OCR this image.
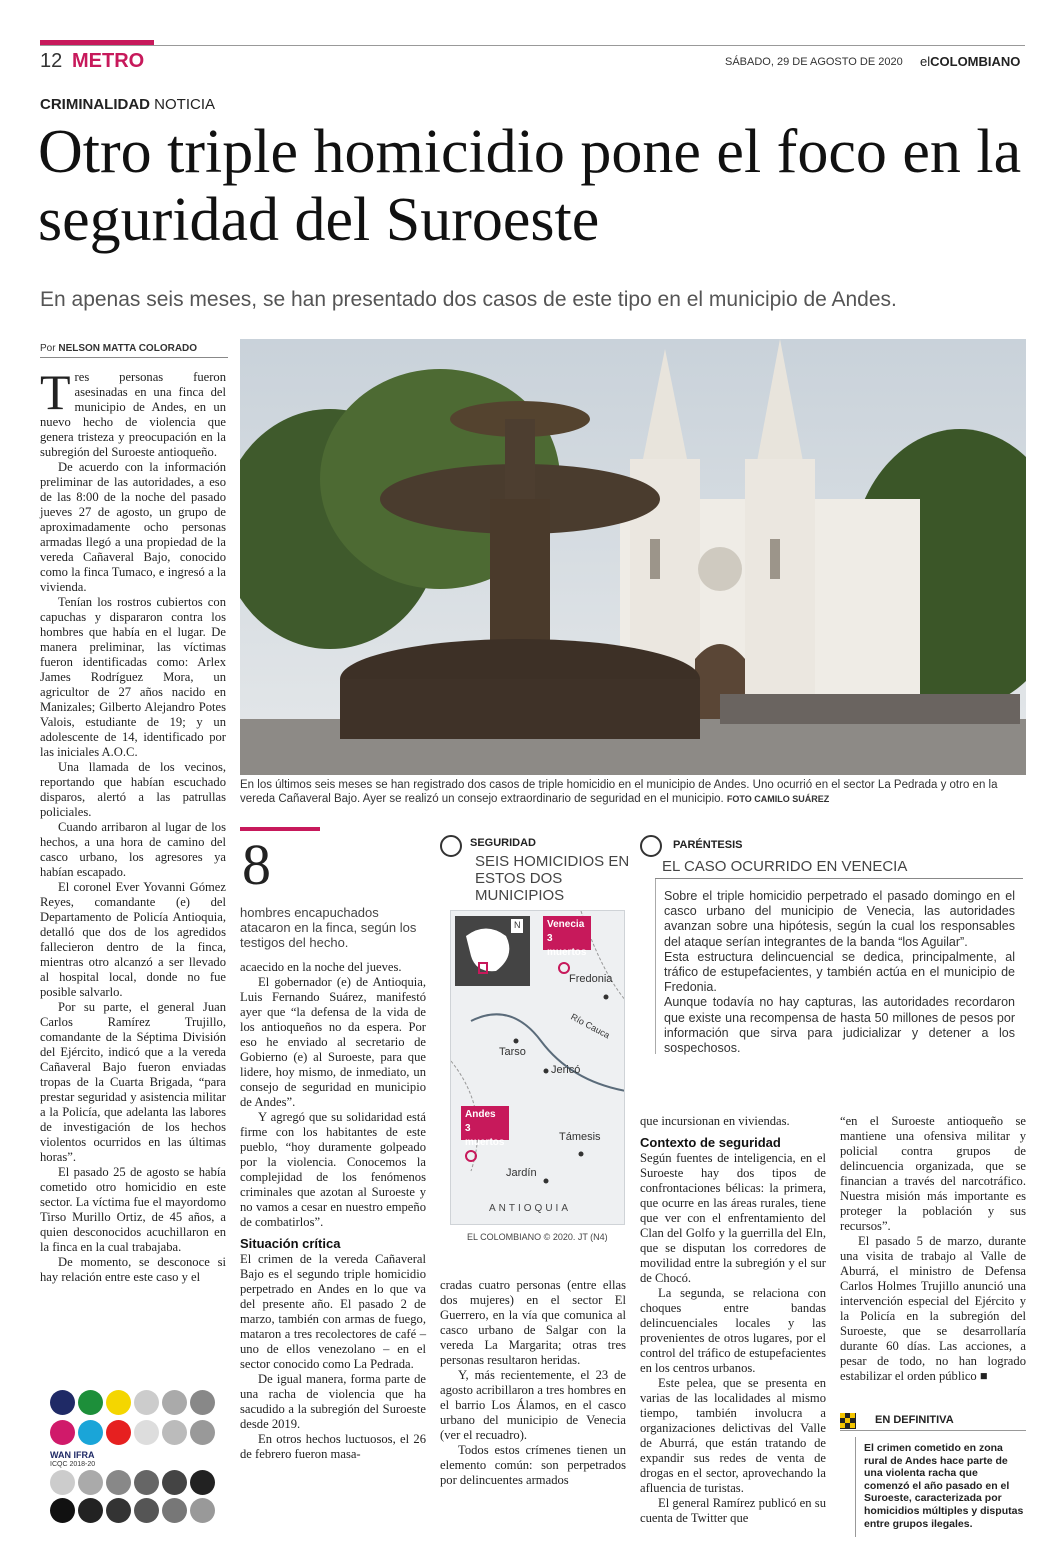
12 METRO	SÁBADO, 29 DE AGOSTO DE 2020 elCOLOMBIANO
CRIMINALIDAD NOTICIA
Otro triple homicidio pone el foco en la seguridad del Suroeste
En apenas seis meses, se han presentado dos casos de este tipo en el municipio de Andes.
Por NELSON MATTA COLORADO
En los últimos seis meses se han registrado dos casos de triple homicidio en el municipio de Andes. Uno ocurrió en el sector La Pedrada y otro en la vereda Cañaveral Bajo. Ayer se realizó un consejo extraordinario de seguridad en el municipio. FOTO CAMILO SUÁREZ

Tres personas fueron asesinadas en una finca del municipio de Andes, en un nuevo hecho de violencia que genera tristeza y preocupación en la subregión del Suroeste antioqueño.

De acuerdo con la información preliminar de las autoridades, a eso de las 8:00 de la noche del pasado jueves 27 de agosto, un grupo de aproximadamente ocho personas armadas llegó a una propiedad de la vereda Cañaveral Bajo, conocido como la finca Tumaco, e ingresó a la vivienda.

Tenían los rostros cubiertos con capuchas y dispararon contra los hombres que había en el lugar. De manera preliminar, las víctimas fueron identificadas como: Arlex James Rodríguez Mora, un agricultor de 27 años nacido en Manizales; Gilberto Alejandro Potes Valois, estudiante de 19; y un adolescente de 14, identificado por las iniciales A.O.C.

Una llamada de los vecinos, reportando que habían escuchado disparos, alertó a las patrullas policiales.

Cuando arribaron al lugar de los hechos, a una hora de camino del casco urbano, los agresores ya habían escapado.

El coronel Ever Yovanni Gómez Reyes, comandante (e) del Departamento de Policía Antioquia, detalló que dos de los agredidos fallecieron dentro de la finca, mientras otro alcanzó a ser llevado al hospital local, donde no fue posible salvarlo.

Por su parte, el general Juan Carlos Ramírez Trujillo, comandante de la Séptima División del Ejército, indicó que a la vereda Cañaveral Bajo fueron enviadas tropas de la Cuarta Brigada, “para prestar seguridad y asistencia militar a la Policía, que adelanta las labores de investigación de los hechos violentos ocurridos en las últimas horas”.

El pasado 25 de agosto se había cometido otro homicidio en este sector. La víctima fue el mayordomo Tirso Murillo Ortiz, de 45 años, a quien desconocidos acuchillaron en la finca en la cual trabajaba.

De momento, se desconoce si hay relación entre este caso y el

8
hombres encapuchados atacaron en la finca, según los testigos del hecho.

acaecido en la noche del jueves.

El gobernador (e) de Antioquia, Luis Fernando Suárez, manifestó ayer que “la defensa de la vida de los antioqueños no da espera. Por eso he enviado al secretario de Gobierno (e) al Suroeste, para que lidere, hoy mismo, de inmediato, un consejo de seguridad en municipio de Andes”.

Y agregó que su solidaridad está firme con los habitantes de este pueblo, “hoy duramente golpeado por la violencia. Conocemos la complejidad de los fenómenos criminales que azotan al Suroeste y no vamos a cesar en nuestro empeño de combatirlos”.

Situación crítica

El crimen de la vereda Cañaveral Bajo es el segundo triple homicidio perpetrado en Andes en lo que va del presente año. El pasado 2 de marzo, también con armas de fuego, mataron a tres recolectores de café – uno de ellos venezolano – en el sector conocido como La Pedrada.

De igual manera, forma parte de una racha de violencia que ha sacudido a la subregión del Suroeste desde 2019.

En otros hechos luctuosos, el 26 de febrero fueron masa-

SEGURIDAD
SEIS HOMICIDIOS EN ESTOS DOS MUNICIPIOS
Venecia
3 muertos
Andes
3 muertos
Fredonia
Tarso
Jericó
Río Cauca
Támesis
Jardín
ANTIOQUIA
N
EL COLOMBIANO © 2020. JT (N4)

cradas cuatro personas (entre ellas dos mujeres) en el sector El Guerrero, en la vía que comunica al casco urbano de Salgar con la vereda La Margarita; otras tres personas resultaron heridas.

Y, más recientemente, el 23 de agosto acribillaron a tres hombres en el barrio Los Álamos, en el casco urbano del municipio de Venecia (ver el recuadro).

Todos estos crímenes tienen un elemento común: son perpetrados por delincuentes armados

PARÉNTESIS
EL CASO OCURRIDO EN VENECIA

Sobre el triple homicidio perpetrado el pasado domingo en el casco urbano del municipio de Venecia, las autoridades avanzan sobre una hipótesis, según la cual los responsables del ataque serían integrantes de la banda “los Aguilar”.

Esta estructura delincuencial se dedica, principalmente, al tráfico de estupefacientes, y también actúa en el municipio de Fredonia.

Aunque todavía no hay capturas, las autoridades recordaron que existe una recompensa de hasta 50 millones de pesos por información que sirva para judicializar y detener a los sospechosos.

que incursionan en viviendas.

Contexto de seguridad

Según fuentes de inteligencia, en el Suroeste hay dos tipos de confrontaciones bélicas: la primera, que ocurre en las áreas rurales, tiene que ver con el enfrentamiento del Clan del Golfo y la guerrilla del Eln, que se disputan los corredores de movilidad entre la subregión y el sur de Chocó.

La segunda, se relaciona con choques entre bandas delincuenciales locales y las provenientes de otros lugares, por el control del tráfico de estupefacientes en los centros urbanos.

Este pelea, que se presenta en varias de las localidades al mismo tiempo, también involucra a organizaciones delictivas del Valle de Aburrá, que están tratando de expandir sus redes de venta de drogas en el sector, aprovechando la afluencia de turistas.

El general Ramírez publicó en su cuenta de Twitter que

“en el Suroeste antioqueño se mantiene una ofensiva militar y policial contra grupos de delincuencia organizada, que se financian a través del narcotráfico. Nuestra misión más importante es proteger la población y sus recursos”.

El pasado 5 de marzo, durante una visita de trabajo al Valle de Aburrá, el ministro de Defensa Carlos Holmes Trujillo anunció una intervención especial del Ejército y la Policía en la subregión del Suroeste, que se desarrollaría durante 60 días. Las acciones, a pesar de todo, no han logrado estabilizar el orden público ■

EN DEFINITIVA
El crimen cometido en zona rural de Andes hace parte de una violenta racha que comenzó el año pasado en el Suroeste, caracterizada por homicidios múltiples y disputas entre grupos ilegales.
WAN IFRA
ICQC 2018-20
